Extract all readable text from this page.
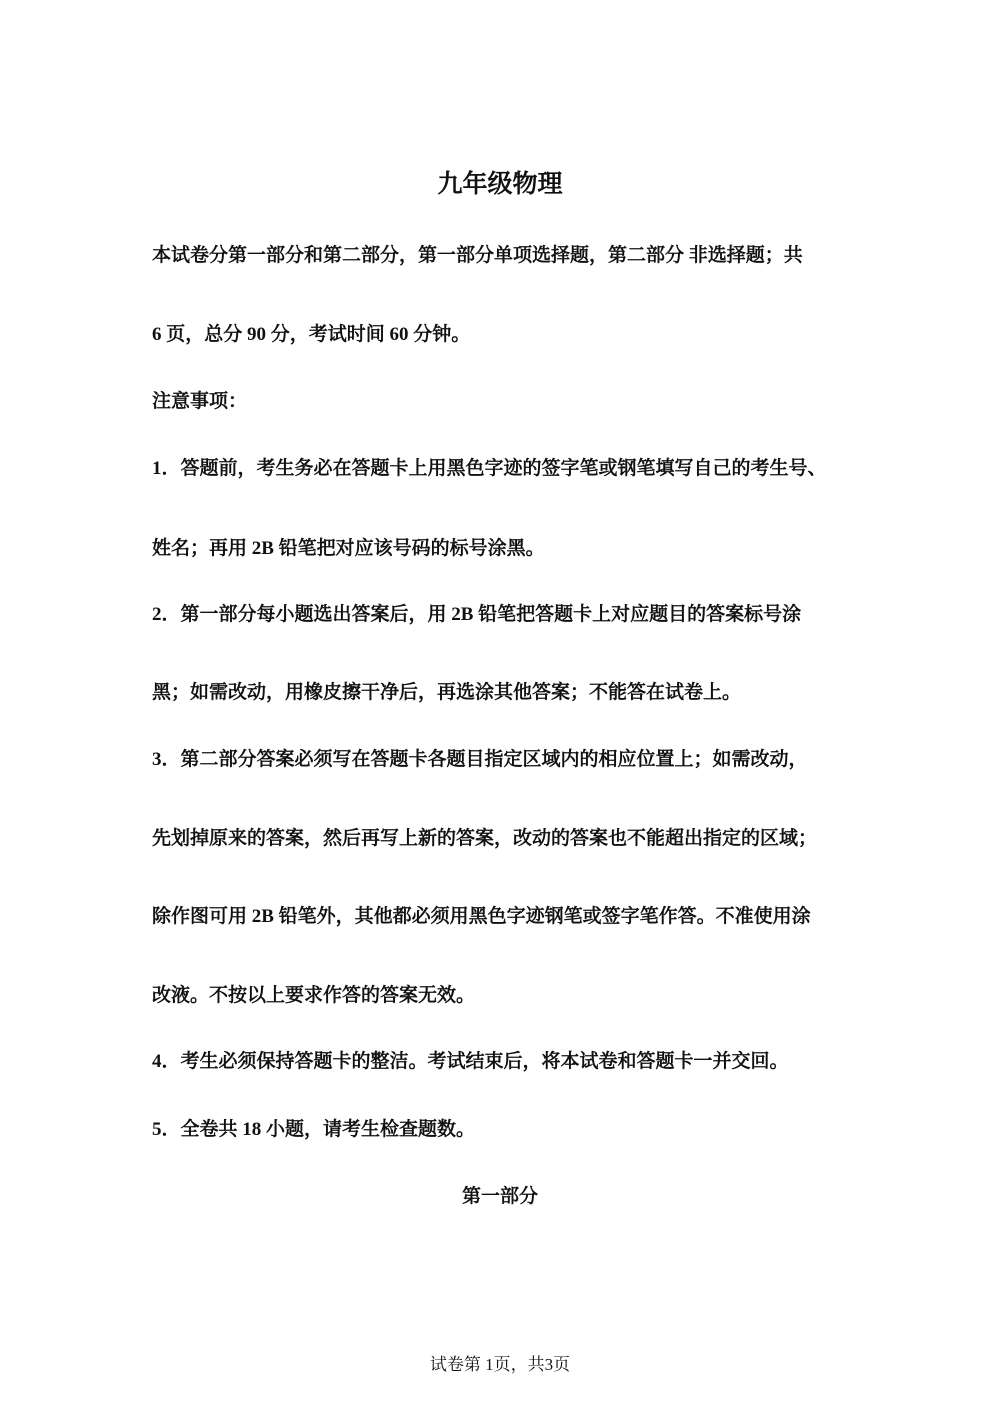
九年级物理
本试卷分第一部分和第二部分，第一部分单项选择题，第二部分 非选择题；共
6 页，总分 90 分，考试时间 60 分钟。
注意事项：
1．答题前，考生务必在答题卡上用黑色字迹的签字笔或钢笔填写自己的考生号、
姓名；再用 2B 铅笔把对应该号码的标号涂黑。
2．第一部分每小题选出答案后，用 2B 铅笔把答题卡上对应题目的答案标号涂
黑；如需改动，用橡皮擦干净后，再选涂其他答案；不能答在试卷上。
3．第二部分答案必须写在答题卡各题目指定区域内的相应位置上；如需改动，
先划掉原来的答案，然后再写上新的答案，改动的答案也不能超出指定的区域；
除作图可用 2B 铅笔外，其他都必须用黑色字迹钢笔或签字笔作答。不准使用涂
改液。不按以上要求作答的答案无效。
4．考生必须保持答题卡的整洁。考试结束后，将本试卷和答题卡一并交回。
5．全卷共 18 小题，请考生检查题数。
第一部分
试卷第 1页，共3页
